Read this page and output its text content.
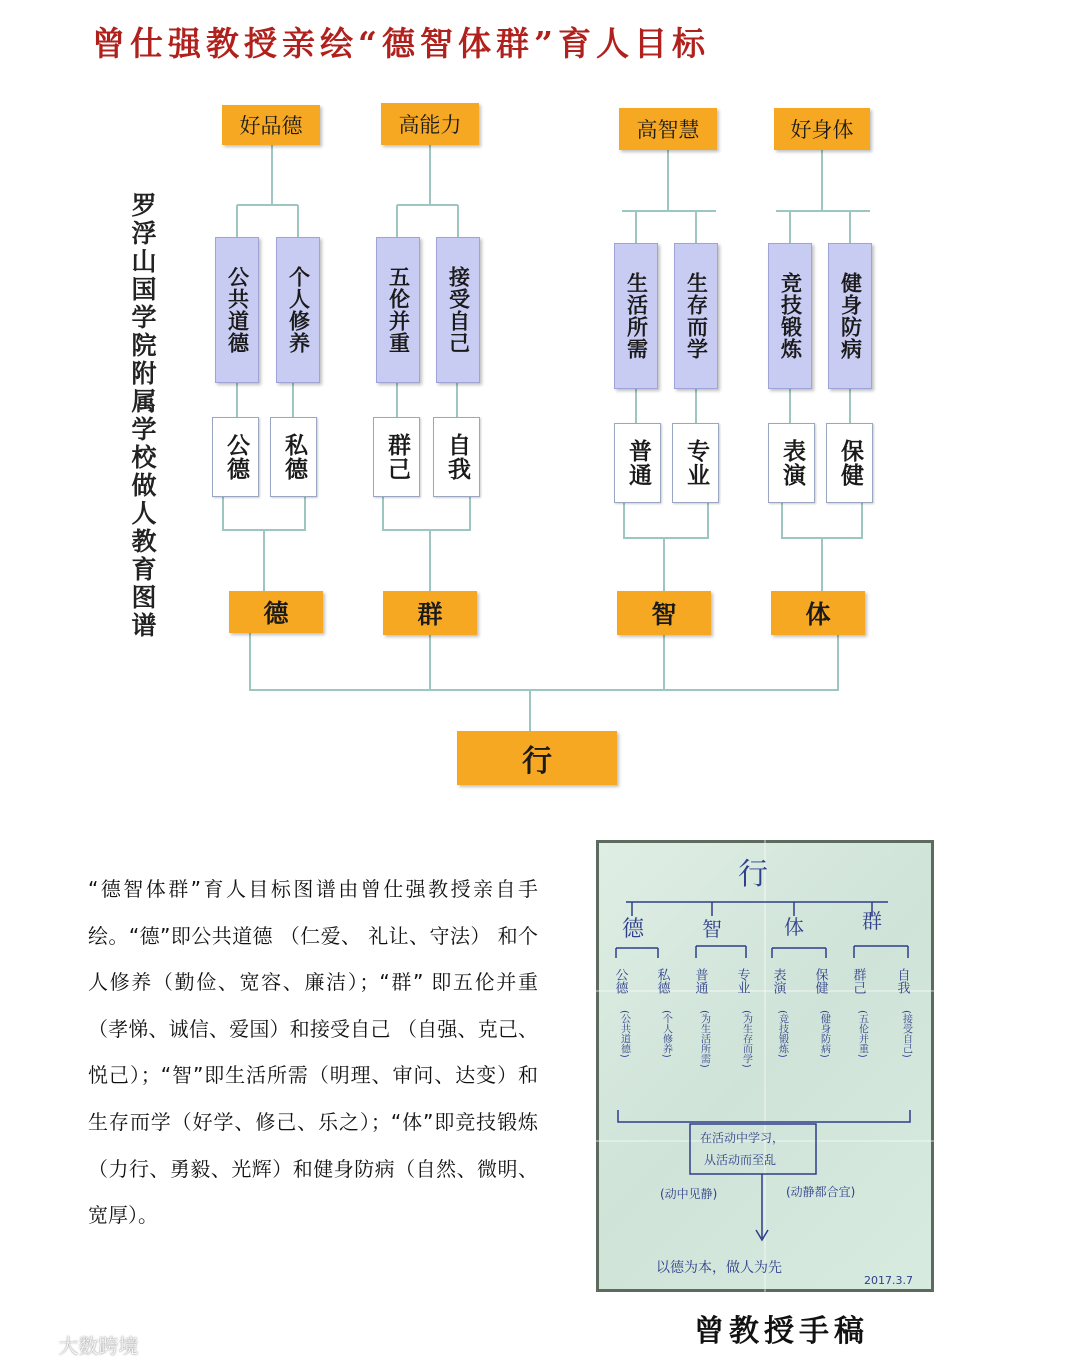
曾仕强教授亲绘“德智体群”育人目标
罗浮山国学院附属学校做人教育图谱
好品德
公共道德 个人修养
公德 私德
德
高能力
五伦并重 接受自己
群己 自我
群
高智慧
生活所需 生存而学
普通 专业
智
好身体
竞技锻炼 健身防病
表演 保健
体
行
“德智体群”育人目标图谱由曾仕强教授亲自手绘。“德”即公共道德 （仁爱、 礼让、守法） 和个人修养（勤俭、宽容、廉洁）；“群” 即五伦并重（孝悌、诚信、爱国）和接受自己 （自强、克己、悦己）；“智”即生活所需（明理、审问、达变）和生存而学（好学、修己、乐之）；“体”即竞技锻炼（力行、勇毅、光辉）和健身防病（自然、微明、宽厚）。
行
德	智	体	群
公德 私德 普通 专业 表演 保健 群己 自我
(公共道德)	(个人修养)	(为生活所需)	(为生存而学)	(竞技锻炼)	(健身防病)	(五伦并重)	(接受自己)
在活动中学习，
从活动而至乱
(动中见静)	(动静都合宜)
以德为本，做人为先
2017.3.7
曾教授手稿
大数跨境
